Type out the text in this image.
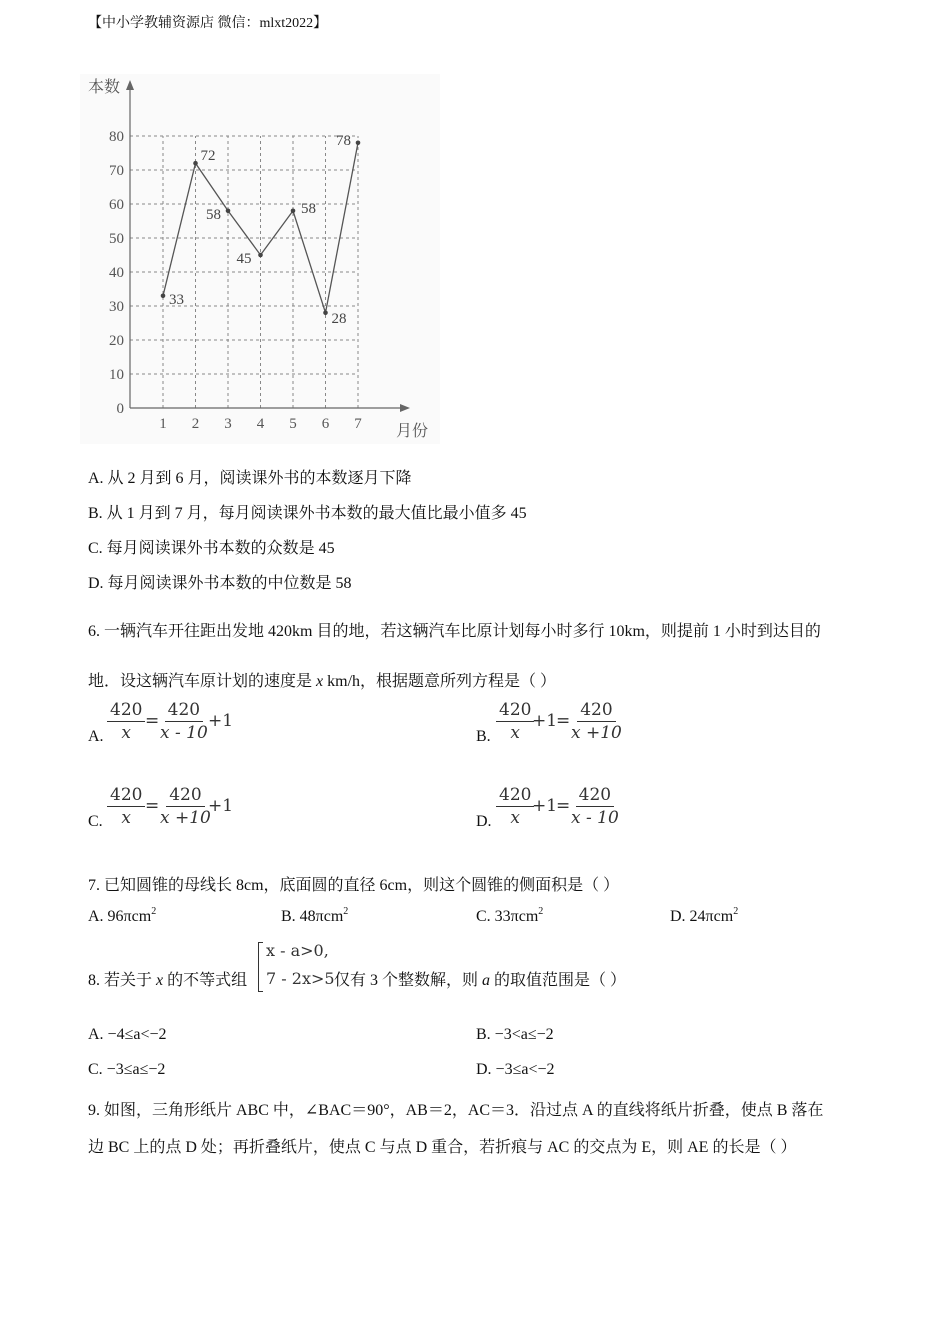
【中小学教辅资源店 微信：mlxt2022】
本数
月份
0
10
20
30
40
50
60
70
80
1 2 3 4 5 6 7
33
72
58
45
58
28
78
A. 从 2 月到 6 月，阅读课外书的本数逐月下降
B. 从 1 月到 7 月，每月阅读课外书本数的最大值比最小值多 45
C. 每月阅读课外书本数的众数是 45
D. 每月阅读课外书本数的中位数是 58
6. 一辆汽车开往距出发地 420km 目的地，若这辆汽车比原计划每小时多行 10km，则提前 1 小时到达目的
地．设这辆汽车原计划的速度是 x km/h，根据题意所列方程是（ ）
A. $\frac{420}{x} = \frac{420}{x - 10} +1$
B. $\frac{420}{x}$
+1
= $\frac{420}{x +10}$
C. $\frac{420}{x} = \frac{420}{x +10}$
+1
D. $\frac{420}{x}$
+1
= $\frac{420}{x - 10}$
7. 已知圆锥的母线长 8cm，底面圆的直径 6cm，则这个圆锥的侧面积是（ ）
A. 96πcm$^2$	B. 48πcm$^2$	C. 33πcm$^2$	D. 24πcm$^2$
8. 若关于 x 的不等式组
x - a>0,
7 - 2x>5 仅有 3 个整数解，则 a 的取值范围是（ ）
A. −4≤a<−2	B. −3<a≤−2
C. −3≤a≤−2	D. −3≤a<−2
9. 如图，三角形纸片 ABC 中，∠BAC＝90°，AB＝2，AC＝3．沿过点 A 的直线将纸片折叠，使点 B 落在
边 BC 上的点 D 处；再折叠纸片，使点 C 与点 D 重合，若折痕与 AC 的交点为 E，则 AE 的长是（ ）
